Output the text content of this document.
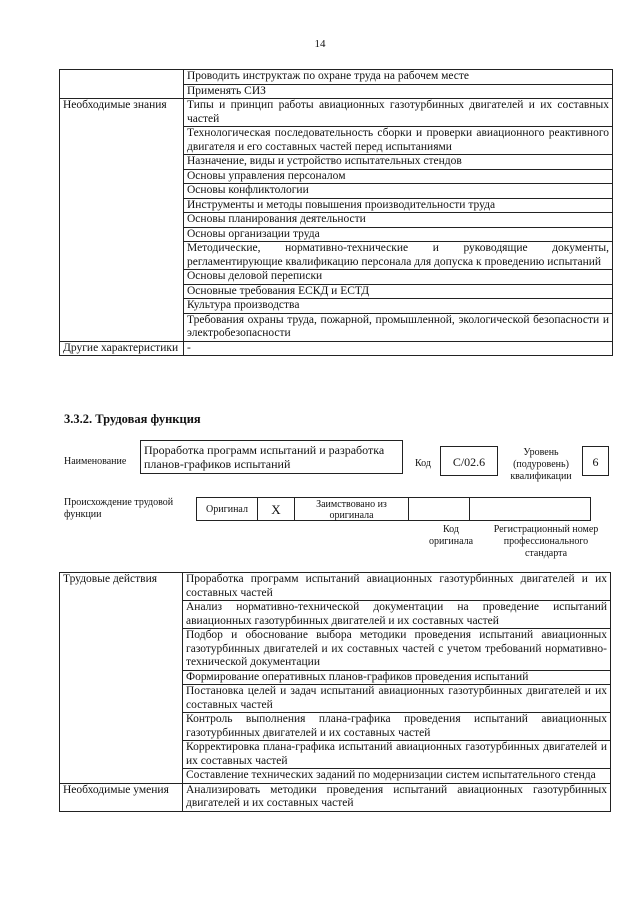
14
	Проводить инструктаж по охране труда на рабочем месте
	Применять СИЗ
Необходимые знания	Типы и принцип работы авиационных газотурбинных двигателей и их составных частей
	Технологическая последовательность сборки и проверки авиационного реактивного двигателя и его составных частей перед испытаниями
	Назначение, виды и устройство испытательных стендов
	Основы управления персоналом
	Основы конфликтологии
	Инструменты и методы повышения производительности труда
	Основы планирования деятельности
	Основы организации труда
	Методические, нормативно-технические и руководящие документы, регламентирующие квалификацию персонала для допуска к проведению испытаний
	Основы деловой переписки
	Основные требования ЕСКД и ЕСТД
	Культура производства
	Требования охраны труда, пожарной, промышленной, экологической безопасности и электробезопасности
Другие характеристики	-
3.3.2. Трудовая функция
Наименование
Проработка программ испытаний и разработка планов-графиков испытаний	Код	С/02.6
Уровень (подуровень) квалификации
6
Происхождение трудовой функции	Оригинал	X	Заимствовано из оригинала
Код оригинала
Регистрационный номер профессионального стандарта
Трудовые действия	Проработка программ испытаний авиационных газотурбинных двигателей и их составных частей
	Анализ нормативно-технической документации на проведение испытаний авиационных газотурбинных двигателей и их составных частей
	Подбор и обоснование выбора методики проведения испытаний авиационных газотурбинных двигателей и их составных частей с учетом требований нормативно-технической документации
	Формирование оперативных планов-графиков проведения испытаний
	Постановка целей и задач испытаний авиационных газотурбинных двигателей и их составных частей
	Контроль выполнения плана-графика проведения испытаний авиационных газотурбинных двигателей и их составных частей
	Корректировка плана-графика испытаний авиационных газотурбинных двигателей и их составных частей
	Составление технических заданий по модернизации систем испытательного стенда
Необходимые умения	Анализировать методики проведения испытаний авиационных газотурбинных двигателей и их составных частей
